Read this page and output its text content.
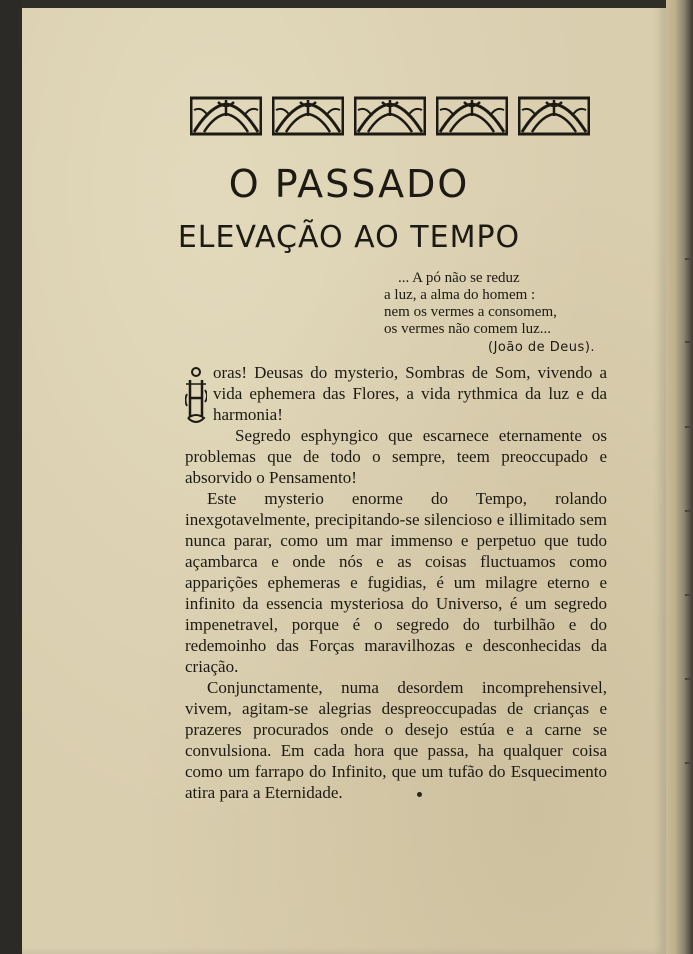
O PASSADO
ELEVAÇÃO AO TEMPO
... A pó não se reduz
a luz, a alma do homem :
nem os vermes a consomem,
os vermes não comem luz...
(João de Deus).

oras! Deusas do mysterio, Sombras de Som, vivendo a vida ephemera das Flores, a vida rythmica da luz e da harmonia!

Segredo esphyngico que escarnece eternamente os problemas que de todo o sempre, teem preoccupado e absorvido o Pensamento!

Este mysterio enorme do Tempo, rolando inexgotavelmente, precipitando-se silencioso e illimitado sem nunca parar, como um mar immenso e perpetuo que tudo açambarca e onde nós e as coisas fluctuamos como apparições ephemeras e fugidias, é um milagre eterno e infinito da essencia mysteriosa do Universo, é um segredo impenetravel, porque é o segredo do turbilhão e do redemoinho das Forças maravilhozas e desconhecidas da criação.

Conjunctamente, numa desordem incomprehensivel, vivem, agitam-se alegrias despreoccupadas de crianças e prazeres procurados onde o desejo estúa e a carne se convulsiona. Em cada hora que passa, ha qualquer coisa como um farrapo do Infinito, que um tufão do Esquecimento atira para a Eternidade.
